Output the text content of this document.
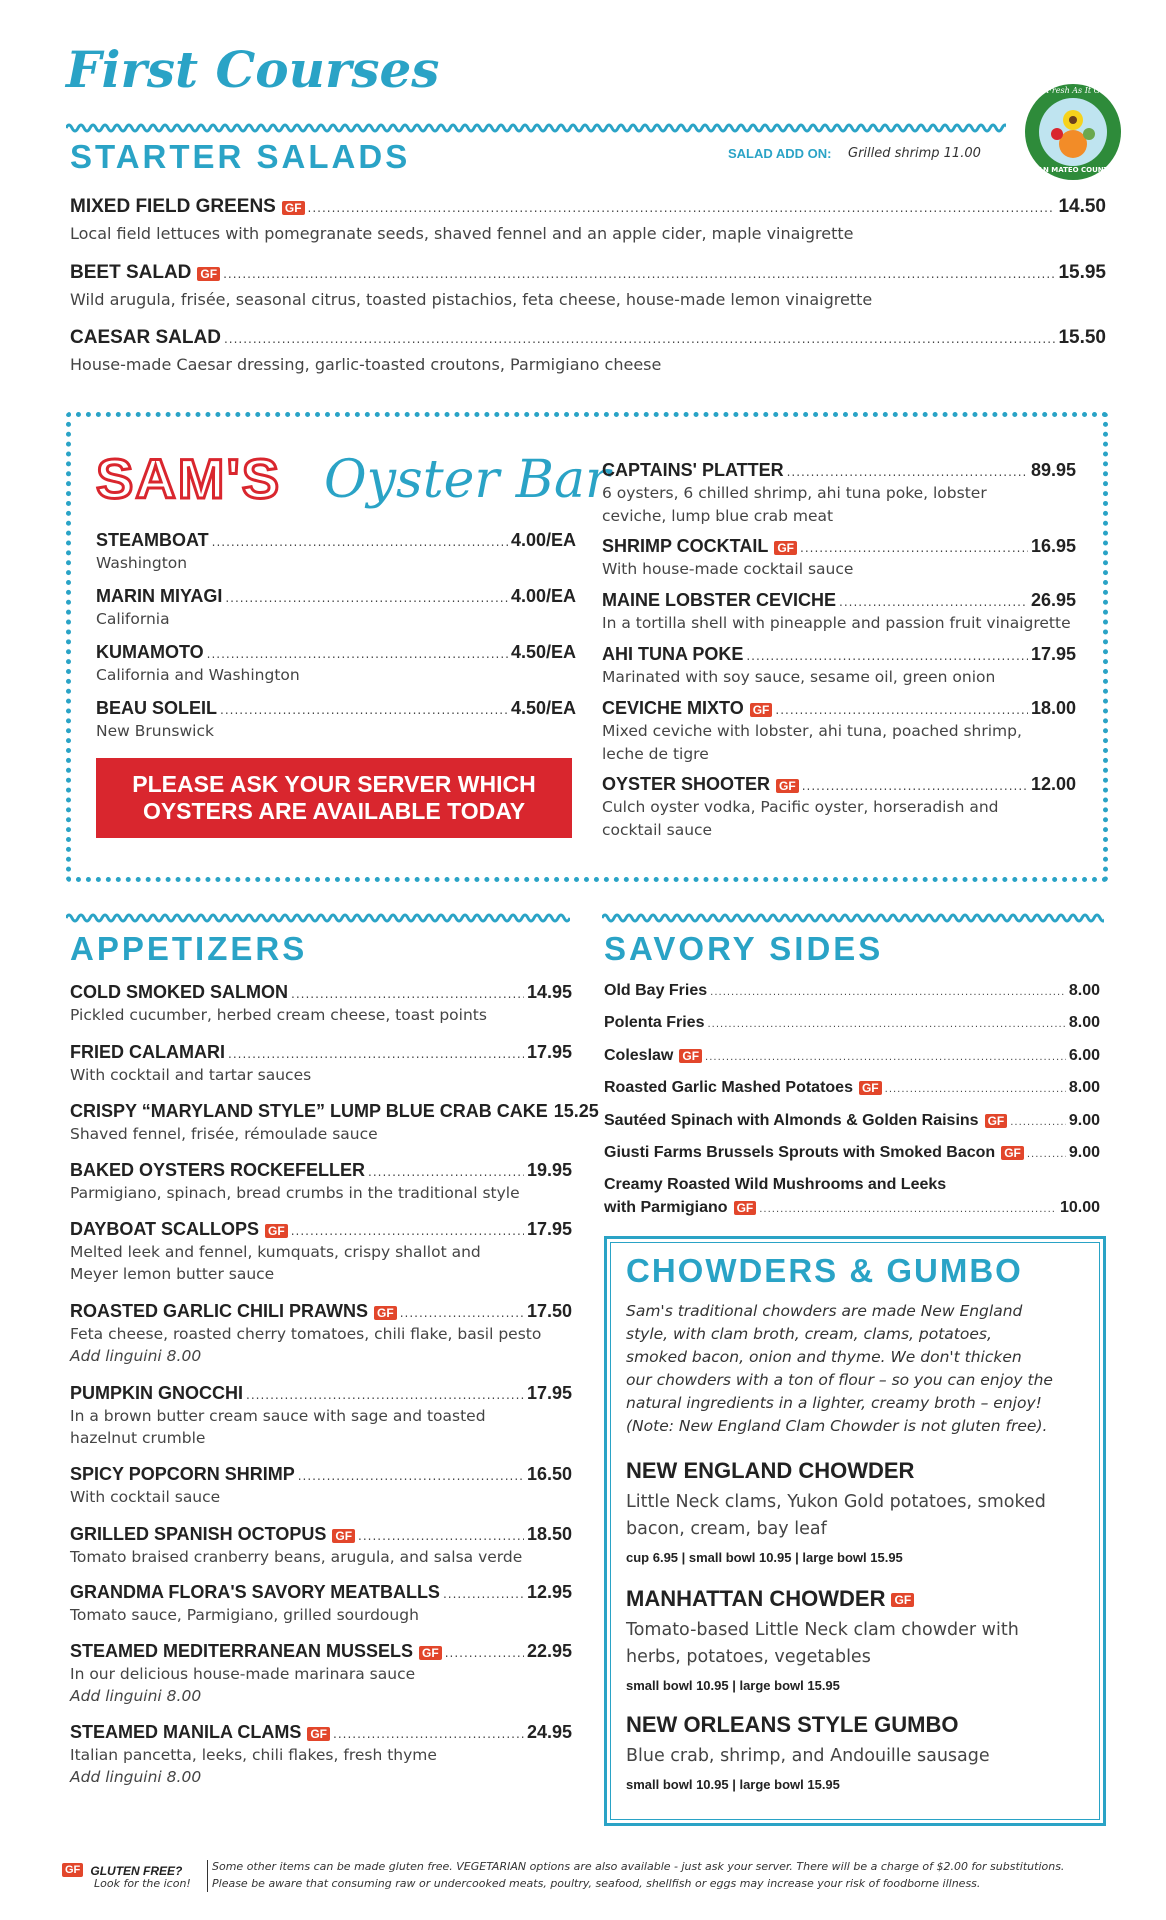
First Courses	As Fresh As It Gets
SAN MATEO COUNTY
STARTER SALADS	SALAD ADD ON: Grilled shrimp 11.00
MIXED FIELD GREENS GF .....	14.50
Local field lettuces with pomegranate seeds, shaved fennel and an apple cider, maple vinaigrette
BEET SALAD GF .....	15.95
Wild arugula, frisée, seasonal citrus, toasted pistachios, feta cheese, house-made lemon vinaigrette
CAESAR SALAD .....	15.50
House-made Caesar dressing, garlic-toasted croutons, Parmigiano cheese
SAM'S Oyster Bar
STEAMBOAT .....	4.00/EA
Washington
MARIN MIYAGI .....	4.00/EA
California
KUMAMOTO .....	4.50/EA
California and Washington
BEAU SOLEIL .....	4.50/EA
New Brunswick
PLEASE ASK YOUR SERVER WHICH
OYSTERS ARE AVAILABLE TODAY
CAPTAINS' PLATTER .....	89.95
6 oysters, 6 chilled shrimp, ahi tuna poke, lobster
ceviche, lump blue crab meat
SHRIMP COCKTAIL GF .....	16.95
With house-made cocktail sauce
MAINE LOBSTER CEVICHE .....	26.95
In a tortilla shell with pineapple and passion fruit vinaigrette
AHI TUNA POKE .....	17.95
Marinated with soy sauce, sesame oil, green onion
CEVICHE MIXTO GF .....	18.00
Mixed ceviche with lobster, ahi tuna, poached shrimp,
leche de tigre
OYSTER SHOOTER GF .....	12.00
Culch oyster vodka, Pacific oyster, horseradish and
cocktail sauce
APPETIZERS
COLD SMOKED SALMON .....	14.95
Pickled cucumber, herbed cream cheese, toast points
FRIED CALAMARI .....	17.95
With cocktail and tartar sauces
CRISPY “MARYLAND STYLE” LUMP BLUE CRAB CAKE 15.25
Shaved fennel, frisée, rémoulade sauce
BAKED OYSTERS ROCKEFELLER .....	19.95
Parmigiano, spinach, bread crumbs in the traditional style
DAYBOAT SCALLOPS GF .....	17.95
Melted leek and fennel, kumquats, crispy shallot and
Meyer lemon butter sauce
ROASTED GARLIC CHILI PRAWNS GF .....	17.50
Feta cheese, roasted cherry tomatoes, chili flake, basil pesto
Add linguini 8.00
PUMPKIN GNOCCHI .....	17.95
In a brown butter cream sauce with sage and toasted
hazelnut crumble
SPICY POPCORN SHRIMP .....	16.50
With cocktail sauce
GRILLED SPANISH OCTOPUS GF .....	18.50
Tomato braised cranberry beans, arugula, and salsa verde
GRANDMA FLORA'S SAVORY MEATBALLS .....	12.95
Tomato sauce, Parmigiano, grilled sourdough
STEAMED MEDITERRANEAN MUSSELS GF .....	22.95
In our delicious house-made marinara sauce
Add linguini 8.00
STEAMED MANILA CLAMS GF .....	24.95
Italian pancetta, leeks, chili flakes, fresh thyme
Add linguini 8.00
SAVORY SIDES
Old Bay Fries .....	8.00
Polenta Fries .....	8.00
Coleslaw GF .....	6.00
Roasted Garlic Mashed Potatoes GF .....	8.00
Sautéed Spinach with Almonds & Golden Raisins GF .....	9.00
Giusti Farms Brussels Sprouts with Smoked Bacon GF .....	9.00
Creamy Roasted Wild Mushrooms and Leeks
with Parmigiano GF .....	10.00
CHOWDERS & GUMBO
Sam's traditional chowders are made New England
style, with clam broth, cream, clams, potatoes,
smoked bacon, onion and thyme. We don't thicken
our chowders with a ton of flour – so you can enjoy the
natural ingredients in a lighter, creamy broth – enjoy!
(Note: New England Clam Chowder is not gluten free).
NEW ENGLAND CHOWDER
Little Neck clams, Yukon Gold potatoes, smoked
bacon, cream, bay leaf
cup 6.95 | small bowl 10.95 | large bowl 15.95
MANHATTAN CHOWDER GF
Tomato-based Little Neck clam chowder with
herbs, potatoes, vegetables
small bowl 10.95 | large bowl 15.95
NEW ORLEANS STYLE GUMBO
Blue crab, shrimp, and Andouille sausage
small bowl 10.95 | large bowl 15.95
GF GLUTEN FREE?
Look for the icon!
Some other items can be made gluten free. VEGETARIAN options are also available - just ask your server. There will be a charge of $2.00 for substitutions.
Please be aware that consuming raw or undercooked meats, poultry, seafood, shellfish or eggs may increase your risk of foodborne illness.
